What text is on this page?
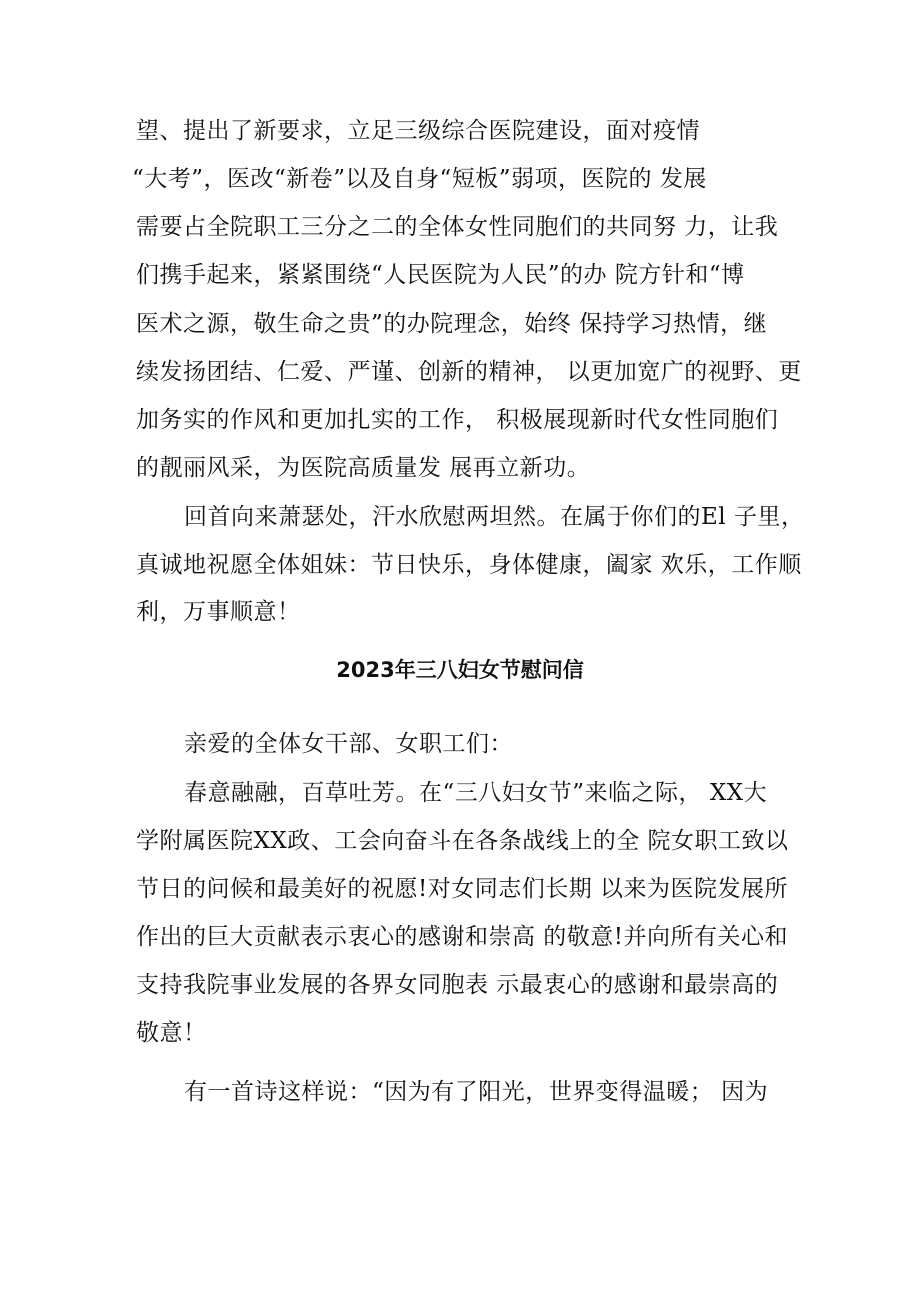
望、提出了新要求，立足三级综合医院建设，面对疫情
“大考”，医改“新卷”以及自身“短板”弱项，医院的 发展
需要占全院职工三分之二的全体女性同胞们的共同努 力，让我
们携手起来，紧紧围绕“人民医院为人民”的办 院方针和“博
医术之源，敬生命之贵”的办院理念，始终 保持学习热情，继
续发扬团结、仁爱、严谨、创新的精神， 以更加宽广的视野、更
加务实的作风和更加扎实的工作， 积极展现新时代女性同胞们
的靓丽风采，为医院高质量发 展再立新功。
回首向来萧瑟处，汗水欣慰两坦然。在属于你们的El 子里，
真诚地祝愿全体姐妹：节日快乐，身体健康，阖家 欢乐，工作顺
利，万事顺意！
2023年三八妇女节慰问信
亲爱的全体女干部、女职工们：
春意融融，百草吐芳。在“三八妇女节”来临之际， XX大
学附属医院XX政、工会向奋斗在各条战线上的全 院女职工致以
节日的问候和最美好的祝愿!对女同志们长期 以来为医院发展所
作出的巨大贡献表示衷心的感谢和崇高 的敬意!并向所有关心和
支持我院事业发展的各界女同胞表 示最衷心的感谢和最崇高的
敬意！
有一首诗这样说：“因为有了阳光，世界变得温暖； 因为
